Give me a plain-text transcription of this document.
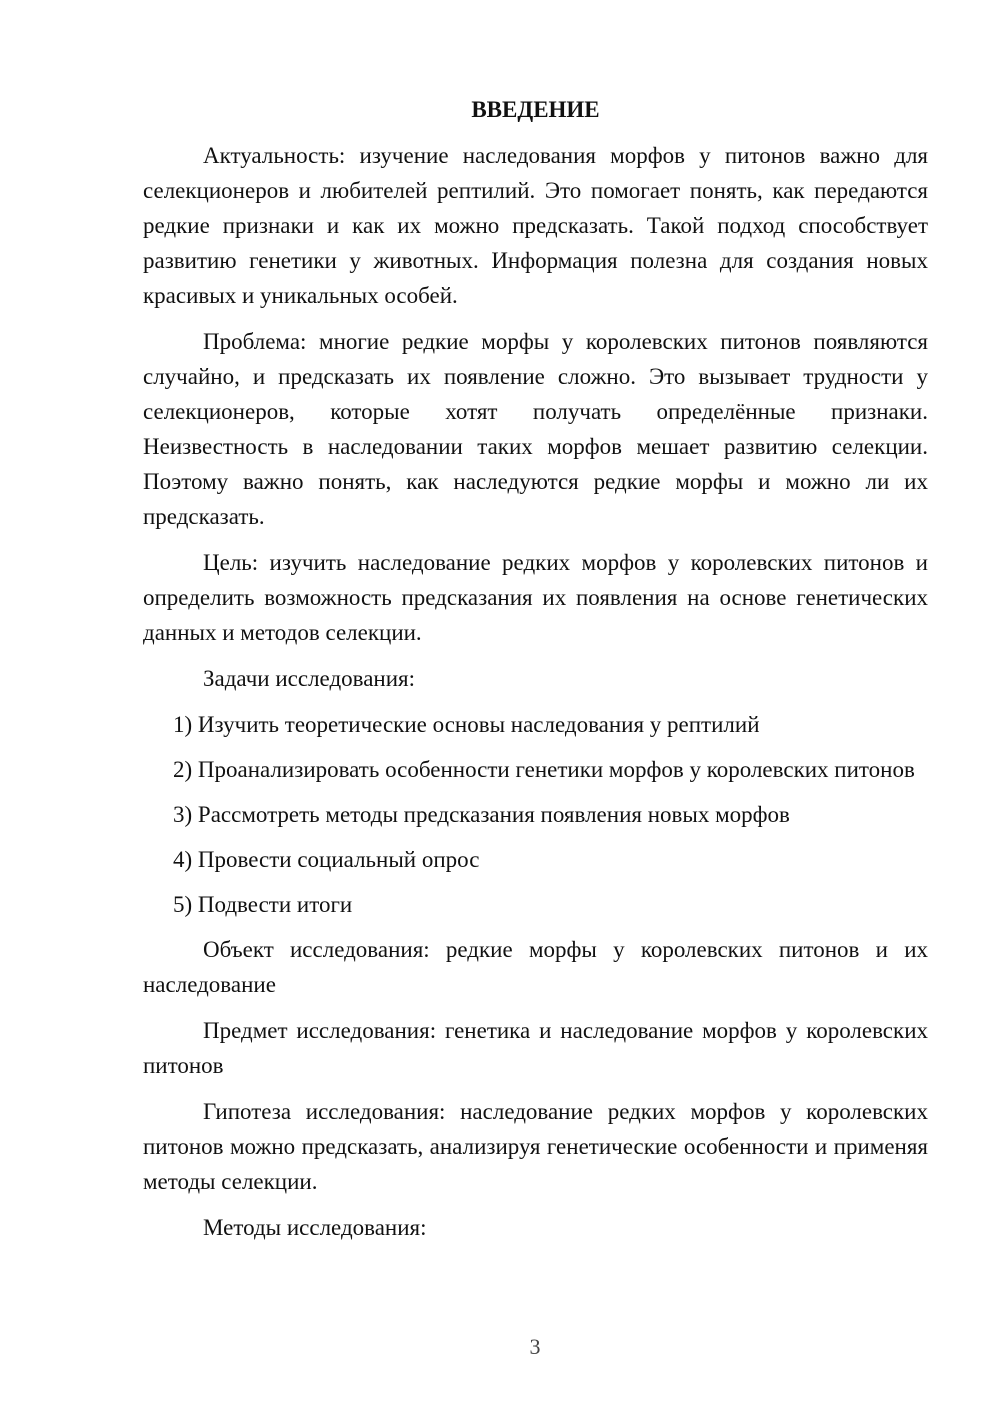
ВВЕДЕНИЕ

Актуальность: изучение наследования морфов у питонов важно для селекционеров и любителей рептилий. Это помогает понять, как передаются редкие признаки и как их можно предсказать. Такой подход способствует развитию генетики у животных. Информация полезна для создания новых красивых и уникальных особей.

Проблема: многие редкие морфы у королевских питонов появляются случайно, и предсказать их появление сложно. Это вызывает трудности у селекционеров, которые хотят получать определённые признаки. Неизвестность в наследовании таких морфов мешает развитию селекции. Поэтому важно понять, как наследуются редкие морфы и можно ли их предсказать.

Цель: изучить наследование редких морфов у королевских питонов и определить возможность предсказания их появления на основе генетических данных и методов селекции.

Задачи исследования:

1) Изучить теоретические основы наследования у рептилий

2) Проанализировать особенности генетики морфов у королевских питонов

3) Рассмотреть методы предсказания появления новых морфов

4) Провести социальный опрос

5) Подвести итоги

Объект исследования: редкие морфы у королевских питонов и их наследование

Предмет исследования: генетика и наследование морфов у королевских питонов

Гипотеза исследования: наследование редких морфов у королевских питонов можно предсказать, анализируя генетические особенности и применяя методы селекции.

Методы исследования:

3
